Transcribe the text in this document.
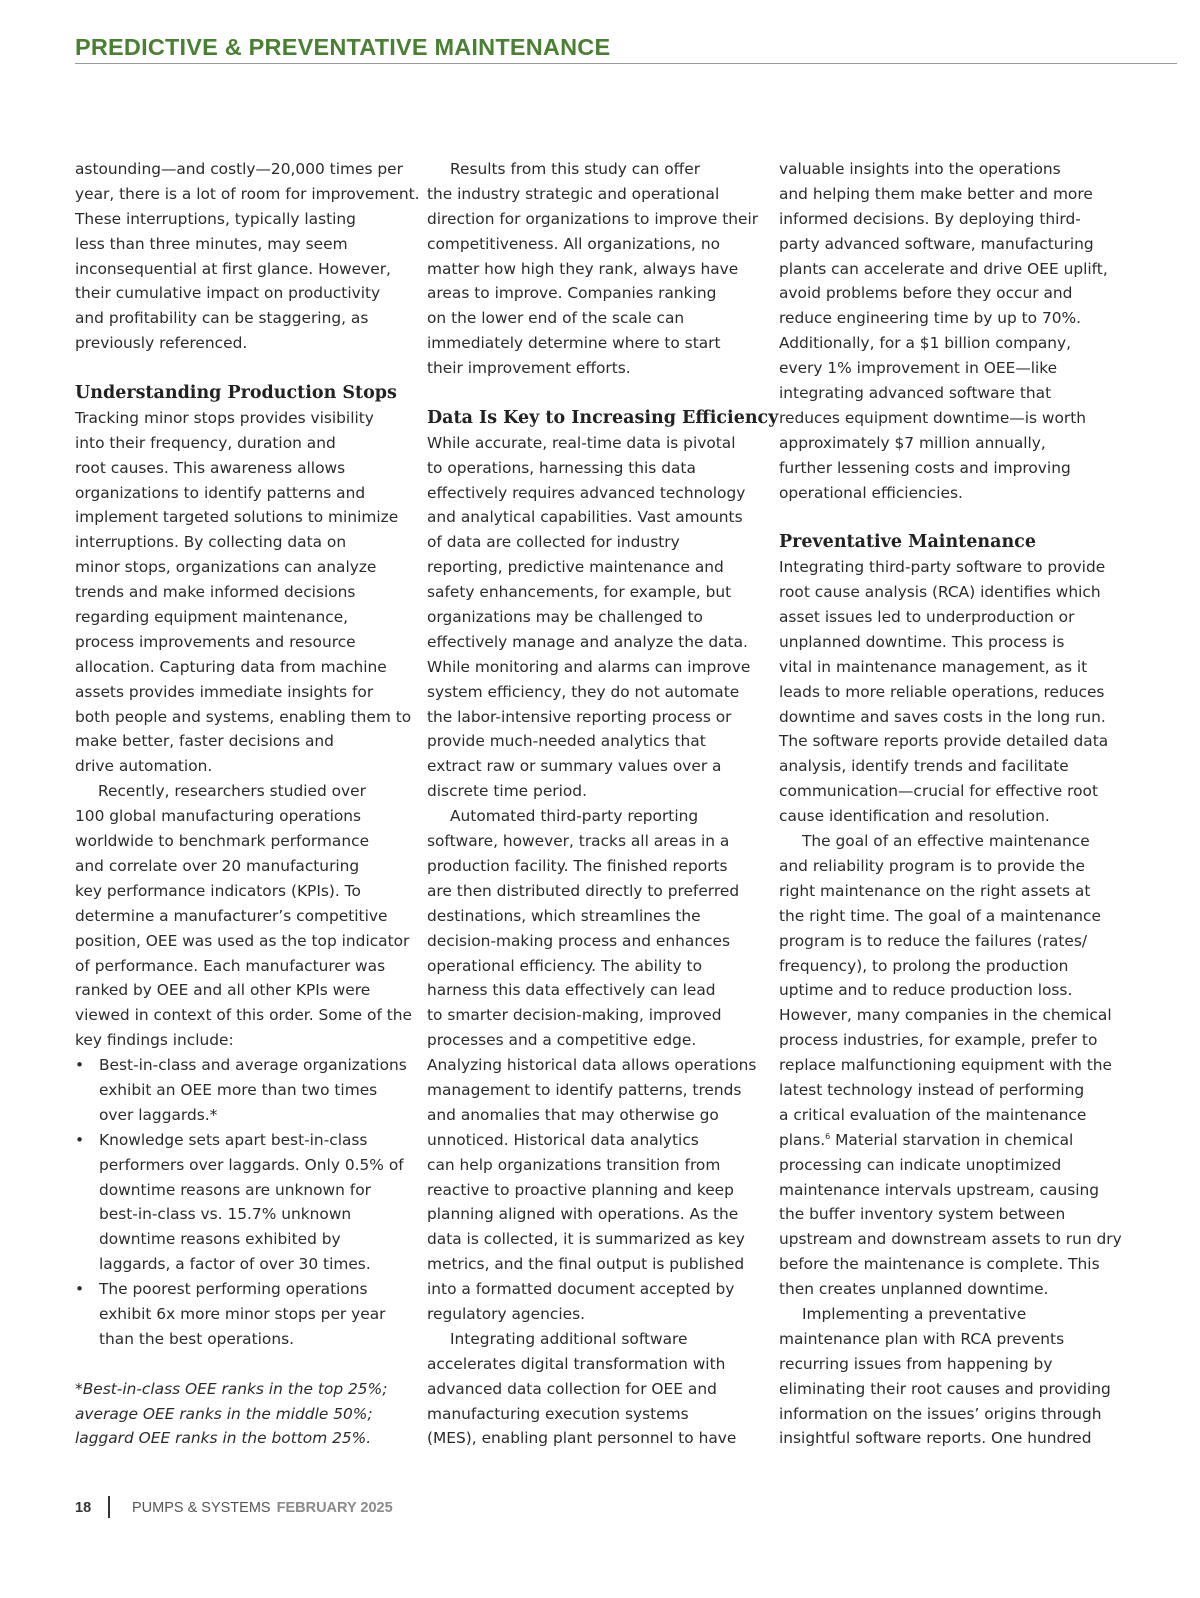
PREDICTIVE & PREVENTATIVE MAINTENANCE
astounding—and costly—20,000 times per
year, there is a lot of room for improvement.
These interruptions, typically lasting
less than three minutes, may seem
inconsequential at first glance. However,
their cumulative impact on productivity
and profitability can be staggering, as
previously referenced.
Understanding Production Stops
Tracking minor stops provides visibility
into their frequency, duration and
root causes. This awareness allows
organizations to identify patterns and
implement targeted solutions to minimize
interruptions. By collecting data on
minor stops, organizations can analyze
trends and make informed decisions
regarding equipment maintenance,
process improvements and resource
allocation. Capturing data from machine
assets provides immediate insights for
both people and systems, enabling them to
make better, faster decisions and
drive automation.
Recently, researchers studied over
100 global manufacturing operations
worldwide to benchmark performance
and correlate over 20 manufacturing
key performance indicators (KPIs). To
determine a manufacturer’s competitive
position, OEE was used as the top indicator
of performance. Each manufacturer was
ranked by OEE and all other KPIs were
viewed in context of this order. Some of the
key findings include:
• Best-in-class and average organizations
exhibit an OEE more than two times
over laggards.*
• Knowledge sets apart best-in-class
performers over laggards. Only 0.5% of
downtime reasons are unknown for
best-in-class vs. 15.7% unknown
downtime reasons exhibited by
laggards, a factor of over 30 times.
• The poorest performing operations
exhibit 6x more minor stops per year
than the best operations.
*Best-in-class OEE ranks in the top 25%;
average OEE ranks in the middle 50%;
laggard OEE ranks in the bottom 25%.
Results from this study can offer
the industry strategic and operational
direction for organizations to improve their
competitiveness. All organizations, no
matter how high they rank, always have
areas to improve. Companies ranking
on the lower end of the scale can
immediately determine where to start
their improvement efforts.
Data Is Key to Increasing Efficiency
While accurate, real-time data is pivotal
to operations, harnessing this data
effectively requires advanced technology
and analytical capabilities. Vast amounts
of data are collected for industry
reporting, predictive maintenance and
safety enhancements, for example, but
organizations may be challenged to
effectively manage and analyze the data.
While monitoring and alarms can improve
system efficiency, they do not automate
the labor-intensive reporting process or
provide much-needed analytics that
extract raw or summary values over a
discrete time period.
Automated third-party reporting
software, however, tracks all areas in a
production facility. The finished reports
are then distributed directly to preferred
destinations, which streamlines the
decision-making process and enhances
operational efficiency. The ability to
harness this data effectively can lead
to smarter decision-making, improved
processes and a competitive edge.
Analyzing historical data allows operations
management to identify patterns, trends
and anomalies that may otherwise go
unnoticed. Historical data analytics
can help organizations transition from
reactive to proactive planning and keep
planning aligned with operations. As the
data is collected, it is summarized as key
metrics, and the final output is published
into a formatted document accepted by
regulatory agencies.
Integrating additional software
accelerates digital transformation with
advanced data collection for OEE and
manufacturing execution systems
(MES), enabling plant personnel to have
valuable insights into the operations
and helping them make better and more
informed decisions. By deploying third-
party advanced software, manufacturing
plants can accelerate and drive OEE uplift,
avoid problems before they occur and
reduce engineering time by up to 70%.
Additionally, for a $1 billion company,
every 1% improvement in OEE—like
integrating advanced software that
reduces equipment downtime—is worth
approximately $7 million annually,
further lessening costs and improving
operational efficiencies.
Preventative Maintenance
Integrating third-party software to provide
root cause analysis (RCA) identifies which
asset issues led to underproduction or
unplanned downtime. This process is
vital in maintenance management, as it
leads to more reliable operations, reduces
downtime and saves costs in the long run.
The software reports provide detailed data
analysis, identify trends and facilitate
communication—crucial for effective root
cause identification and resolution.
The goal of an effective maintenance
and reliability program is to provide the
right maintenance on the right assets at
the right time. The goal of a maintenance
program is to reduce the failures (rates/
frequency), to prolong the production
uptime and to reduce production loss.
However, many companies in the chemical
process industries, for example, prefer to
replace malfunctioning equipment with the
latest technology instead of performing
a critical evaluation of the maintenance
plans.$^6$ Material starvation in chemical
processing can indicate unoptimized
maintenance intervals upstream, causing
the buffer inventory system between
upstream and downstream assets to run dry
before the maintenance is complete. This
then creates unplanned downtime.
Implementing a preventative
maintenance plan with RCA prevents
recurring issues from happening by
eliminating their root causes and providing
information on the issues’ origins through
insightful software reports. One hundred
18	PUMPS & SYSTEMS FEBRUARY 2025
